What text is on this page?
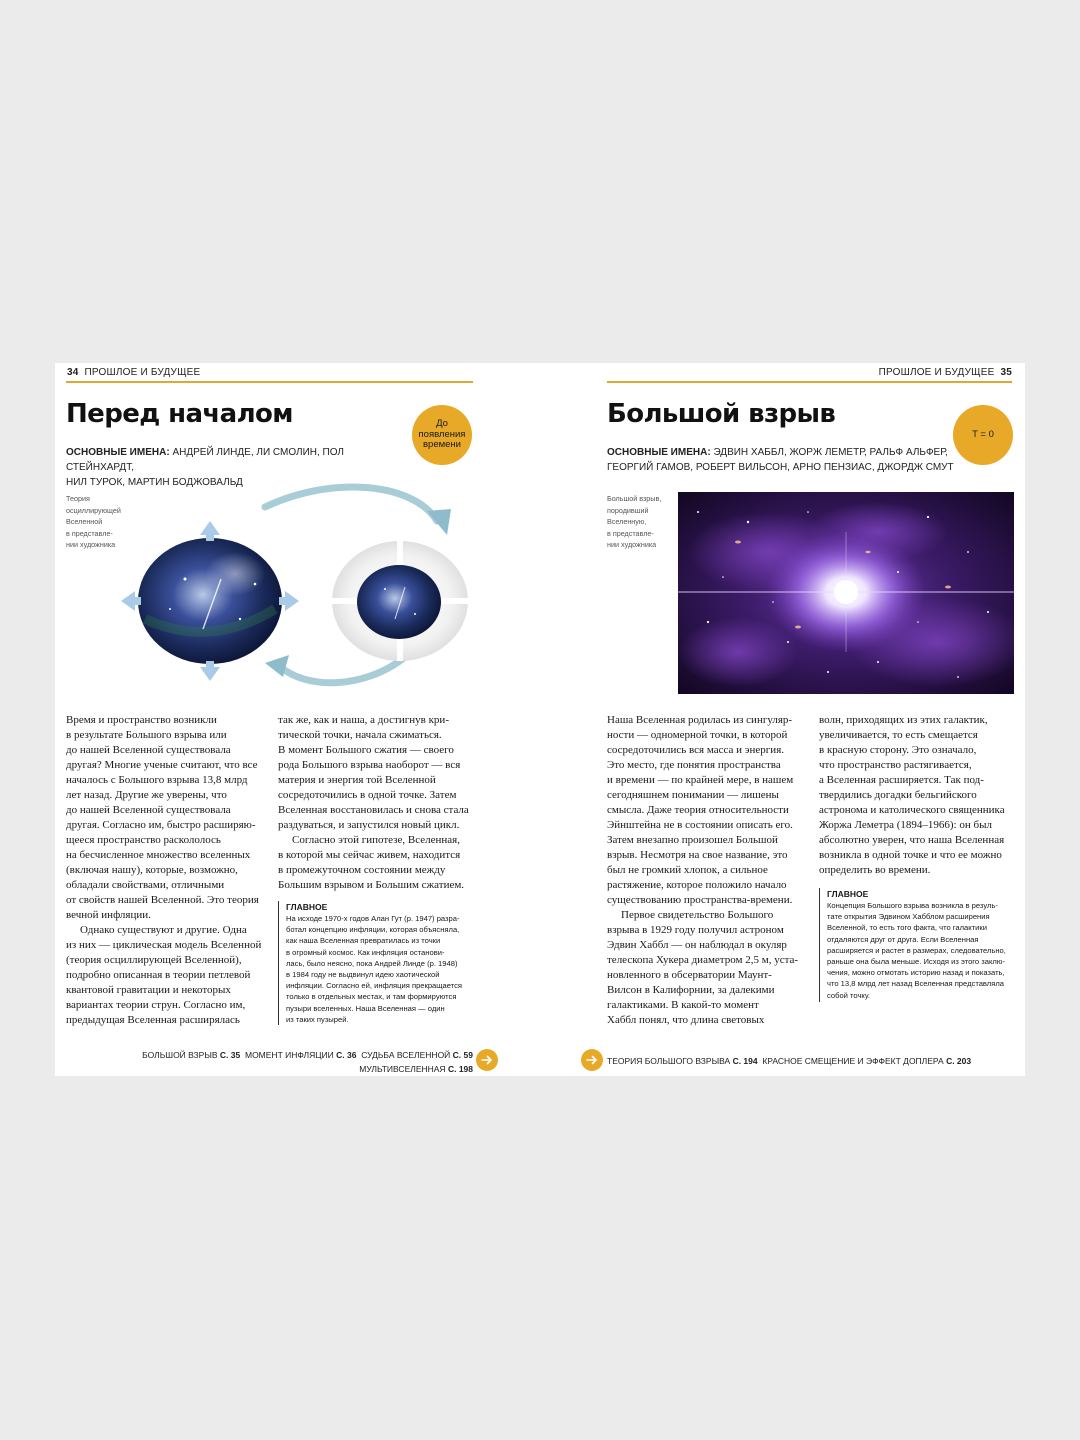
34 ПРОШЛОЕ И БУДУЩЕЕ
Перед началом	До
появления
времени
ОСНОВНЫЕ ИМЕНА: АНДРЕЙ ЛИНДЕ, ЛИ СМОЛИН, ПОЛ СТЕЙНХАРДТ,
НИЛ ТУРОК, МАРТИН БОДЖОВАЛЬД
Теория
осциллирующей
Вселенной
в представле-
нии художника

Время и пространство возникли
в результате Большого взрыва или
до нашей Вселенной существовала
другая? Многие ученые считают, что все
началось с Большого взрыва 13,8 млрд
лет назад. Другие же уверены, что
до нашей Вселенной существовала
другая. Согласно им, быстро расширяю-
щееся пространство раскололось
на бесчисленное множество вселенных
(включая нашу), которые, возможно,
обладали свойствами, отличными
от свойств нашей Вселенной. Это теория
вечной инфляции.

Однако существуют и другие. Одна
из них — циклическая модель Вселенной
(теория осциллирующей Вселенной),
подробно описанная в теории петлевой
квантовой гравитации и некоторых
вариантах теории струн. Согласно им,
предыдущая Вселенная расширялась

так же, как и наша, а достигнув кри-
тической точки, начала сжиматься.
В момент Большого сжатия — своего
рода Большого взрыва наоборот — вся
материя и энергия той Вселенной
сосредоточились в одной точке. Затем
Вселенная восстановилась и снова стала
раздуваться, и запустился новый цикл.

Согласно этой гипотезе, Вселенная,
в которой мы сейчас живем, находится
в промежуточном состоянии между
Большим взрывом и Большим сжатием.

ГЛАВНОЕ
На исходе 1970-х годов Алан Гут (р. 1947) разра-
ботал концепцию инфляции, которая объясняла,
как наша Вселенная превратилась из точки
в огромный космос. Как инфляция останови-
лась, было неясно, пока Андрей Линде (р. 1948)
в 1984 году не выдвинул идею хаотической
инфляции. Согласно ей, инфляция прекращается
только в отдельных местах, и там формируются
пузыри вселенных. Наша Вселенная — один
из таких пузырей.
БОЛЬШОЙ ВЗРЫВ С. 35 МОМЕНТ ИНФЛЯЦИИ С. 36 СУДЬБА ВСЕЛЕННОЙ С. 59
МУЛЬТИВСЕЛЕННАЯ С. 198
ПРОШЛОЕ И БУДУЩЕЕ 35
Большой взрыв
T = 0
ОСНОВНЫЕ ИМЕНА: ЭДВИН ХАББЛ, ЖОРЖ ЛЕМЕТР, РАЛЬФ АЛЬФЕР,
ГЕОРГИЙ ГАМОВ, РОБЕРТ ВИЛЬСОН, АРНО ПЕНЗИАС, ДЖОРДЖ СМУТ
Большой взрыв,
породивший
Вселенную,
в представле-
нии художника

Наша Вселенная родилась из сингуляр-
ности — одномерной точки, в которой
сосредоточились вся масса и энергия.
Это место, где понятия пространства
и времени — по крайней мере, в нашем
сегодняшнем понимании — лишены
смысла. Даже теория относительности
Эйнштейна не в состоянии описать его.
Затем внезапно произошел Большой
взрыв. Несмотря на свое название, это
был не громкий хлопок, а сильное
растяжение, которое положило начало
существованию пространства-времени.

Первое свидетельство Большого
взрыва в 1929 году получил астроном
Эдвин Хаббл — он наблюдал в окуляр
телескопа Хукера диаметром 2,5 м, уста-
новленного в обсерватории Маунт-
Вилсон в Калифорнии, за далекими
галактиками. В какой-то момент
Хаббл понял, что длина световых

волн, приходящих из этих галактик,
увеличивается, то есть смещается
в красную сторону. Это означало,
что пространство растягивается,
а Вселенная расширяется. Так под-
твердились догадки бельгийского
астронома и католического священника
Жоржа Леметра (1894–1966): он был
абсолютно уверен, что наша Вселенная
возникла в одной точке и что ее можно
определить во времени.

ГЛАВНОЕ
Концепция Большого взрыва возникла в резуль-
тате открытия Эдвином Хабблом расширения
Вселенной, то есть того факта, что галактики
отдаляются друг от друга. Если Вселенная
расширяется и растет в размерах, следовательно,
раньше она была меньше. Исходя из этого заклю-
чения, можно отмотать историю назад и показать,
что 13,8 млрд лет назад Вселенная представляла
собой точку.
ТЕОРИЯ БОЛЬШОГО ВЗРЫВА С. 194 КРАСНОЕ СМЕЩЕНИЕ И ЭФФЕКТ ДОПЛЕРА С. 203
